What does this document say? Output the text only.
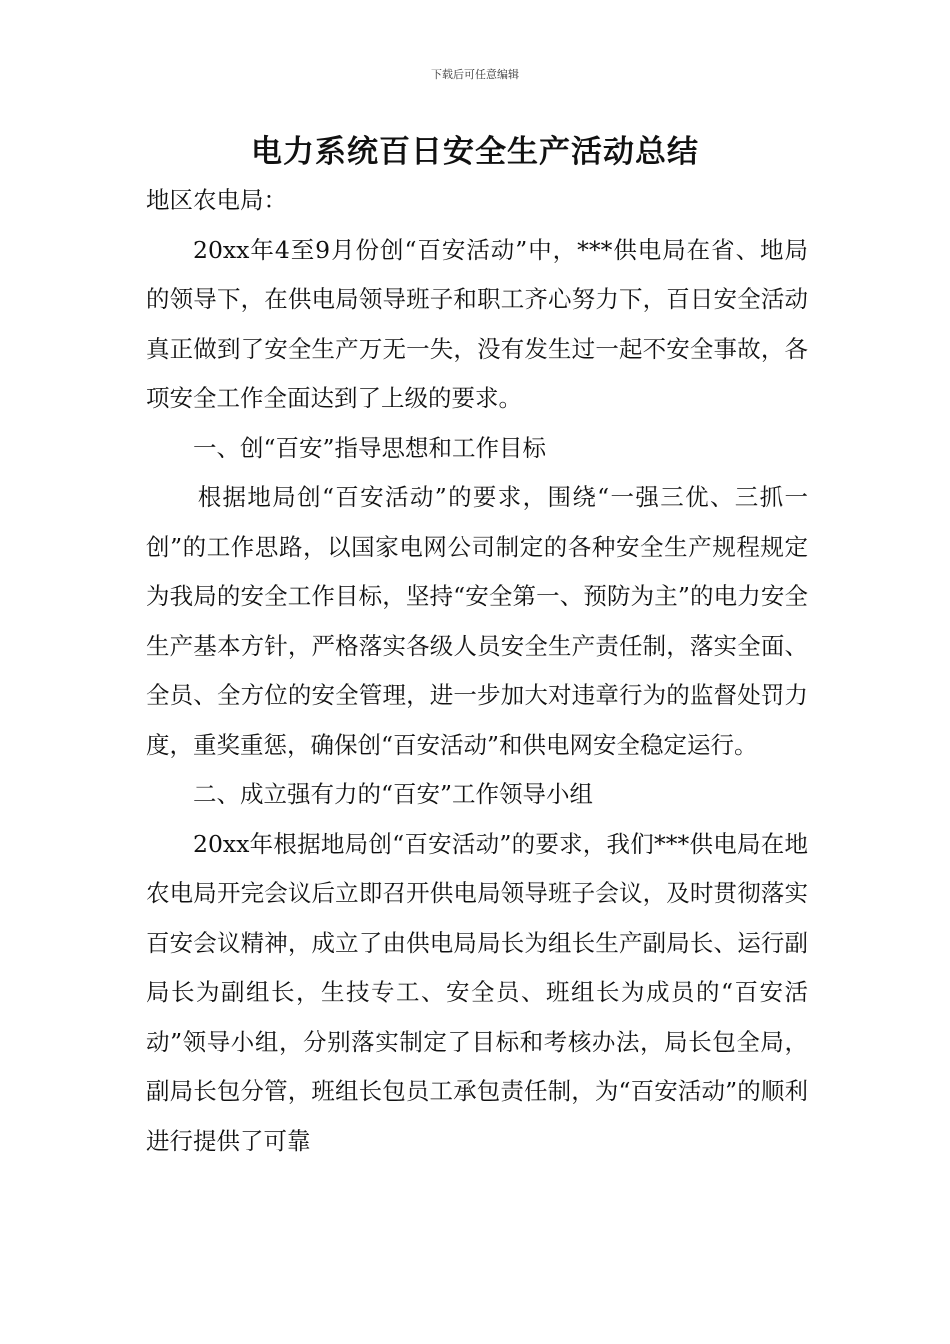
下载后可任意编辑
电力系统百日安全生产活动总结

地区农电局：

20xx年4至9月份创“百安活动”中，***供电局在省、地局的领导下，在供电局领导班子和职工齐心努力下，百日安全活动真正做到了安全生产万无一失，没有发生过一起不安全事故，各项安全工作全面达到了上级的要求。

一、创“百安”指导思想和工作目标

根据地局创“百安活动”的要求，围绕“一强三优、三抓一创”的工作思路，以国家电网公司制定的各种安全生产规程规定为我局的安全工作目标，坚持“安全第一、预防为主”的电力安全生产基本方针，严格落实各级人员安全生产责任制，落实全面、全员、全方位的安全管理，进一步加大对违章行为的监督处罚力度，重奖重惩，确保创“百安活动”和供电网安全稳定运行。

二、成立强有力的“百安”工作领导小组

20xx年根据地局创“百安活动”的要求，我们***供电局在地农电局开完会议后立即召开供电局领导班子会议，及时贯彻落实百安会议精神，成立了由供电局局长为组长生产副局长、运行副局长为副组长，生技专工、安全员、班组长为成员的“百安活动”领导小组，分别落实制定了目标和考核办法，局长包全局，副局长包分管，班组长包员工承包责任制，为“百安活动”的顺利进行提供了可靠
